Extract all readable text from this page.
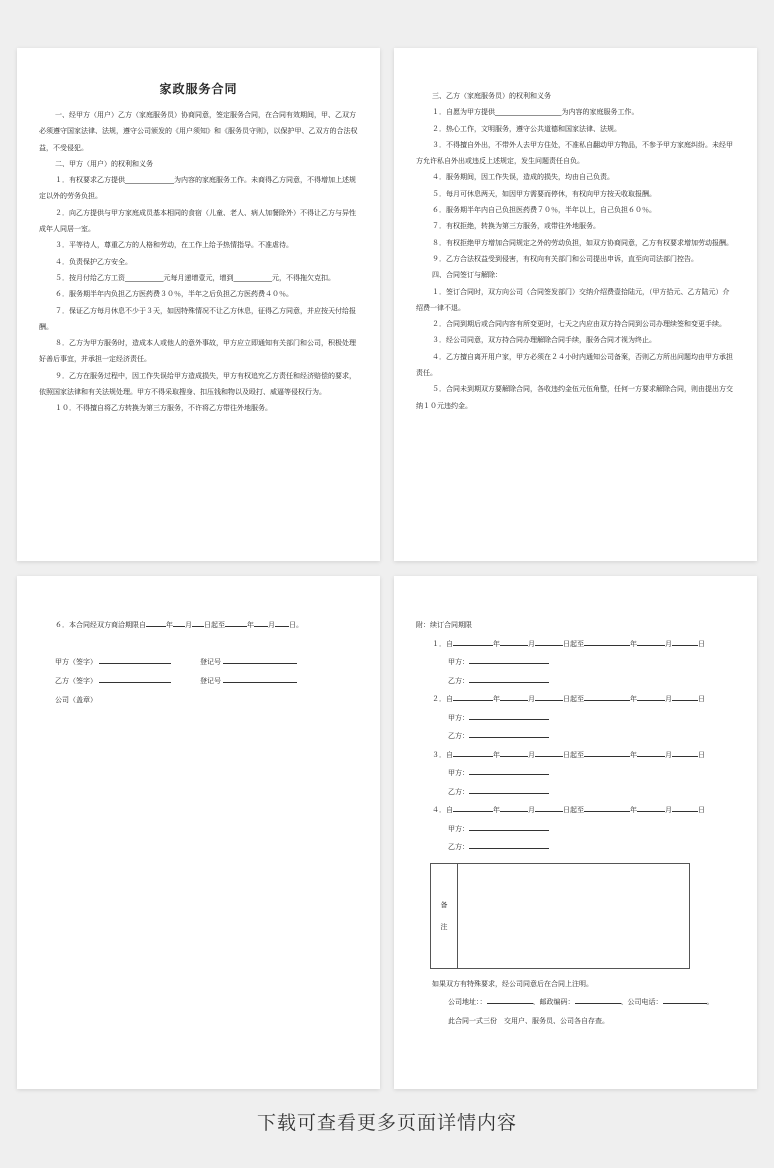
家政服务合同

一、经甲方（用户）乙方（家庭服务员）协商同意，签定服务合同，在合同有效期间，甲、乙双方必须遵守国家法律、法规，遵守公司颁发的《用户须知》和《服务员守则》，以保护甲、乙双方的合法权益，不受侵犯。

二、甲方（用户）的权利和义务

１．有权要求乙方提供______________为内容的家庭服务工作。未商得乙方同意，不得增加上述规定以外的劳务负担。

２．向乙方提供与甲方家庭成员基本相同的食宿（儿童、老人、病人加餐除外）不得让乙方与异性成年人同居一室。

３．平等待人，尊重乙方的人格和劳动，在工作上给予热情指导。不准虐待。

４．负责保护乙方安全。

５．按月付给乙方工资___________元每月递增壹元，增到___________元，不得拖欠克扣。

６．服务期半年内负担乙方医药费３０％，半年之后负担乙方医药费４０％。

７．保证乙方每月休息不少于３天，如因特殊情况不让乙方休息，征得乙方同意，并应按天付给报酬。

８．乙方为甲方服务时，造成本人或他人的意外事故，甲方应立即通知有关部门和公司，积极处理好善后事宜，并承担一定经济责任。

９．乙方在服务过程中，因工作失误给甲方造成损失，甲方有权追究乙方责任和经济赔偿的要求，依照国家法律和有关法规处理。甲方不得采取搜身、扣压钱和物以及殴打、威逼等侵权行为。

１０．不得擅自将乙方转换为第三方服务，不许将乙方带往外地服务。

三、乙方（家庭服务员）的权利和义务

１．自愿为甲方提供___________________为内容的家庭服务工作。

２．热心工作，文明服务，遵守公共道德和国家法律、法规。

３．不得擅自外出，不带外人去甲方住处，不准私自翻动甲方物品，不参予甲方家庭纠纷。未经甲方允许私自外出或违反上述规定，发生问题责任自负。

４．服务期间，因工作失误，造成的损失，均由自己负责。

５．每月可休息两天，如因甲方需要而停休，有权向甲方按天收取报酬。

６．服务期半年内自己负担医药费７０％，半年以上，自己负担６０％。

７．有权拒绝，转换为第三方服务，或带往外地服务。

８．有权拒绝甲方增加合同规定之外的劳动负担，如双方协商同意，乙方有权要求增加劳动报酬。

９．乙方合法权益受到侵害，有权向有关部门和公司提出申诉，直至向司法部门控告。

四、合同签订与解除：

１．签订合同时，双方向公司（合同签发部门）交纳介绍费壹拾陆元，（甲方拾元、乙方陆元）介绍费一律不退。

２．合同到期后或合同内容有所变更时，七天之内应由双方持合同到公司办理续签和变更手续。

３．经公司同意，双方持合同办理解除合同手续，服务合同才视为终止。

４．乙方擅自离开用户家，甲方必须在２４小时内通知公司备案，否则乙方所出问题均由甲方承担责任。

５．合同未到期双方要解除合同，各收违约金伍元伍角整，任何一方要求解除合同，则由提出方交纳１０元违约金。

６．本合同经双方商洽期限自	年 月 日起至	年 月 日。
甲方（签字）	登记号
乙方（签字）	登记号
公司（盖章）
附：续订合同期限
１．自	年	月	日起至	年	月	日
甲方：
乙方：
２．自	年	月	日起至	年	月	日
甲方：
乙方：
３．自	年	月	日起至	年	月	日
甲方：
乙方：
４．自	年	月	日起至	年	月	日
甲方：
乙方：
备
注
如果双方有特殊要求，经公司同意后在合同上注明。
公司地址：：	、邮政编码：	、公司电话：	。
此合同一式三份　交用户、服务员、公司各自存查。
下载可查看更多页面详情内容
